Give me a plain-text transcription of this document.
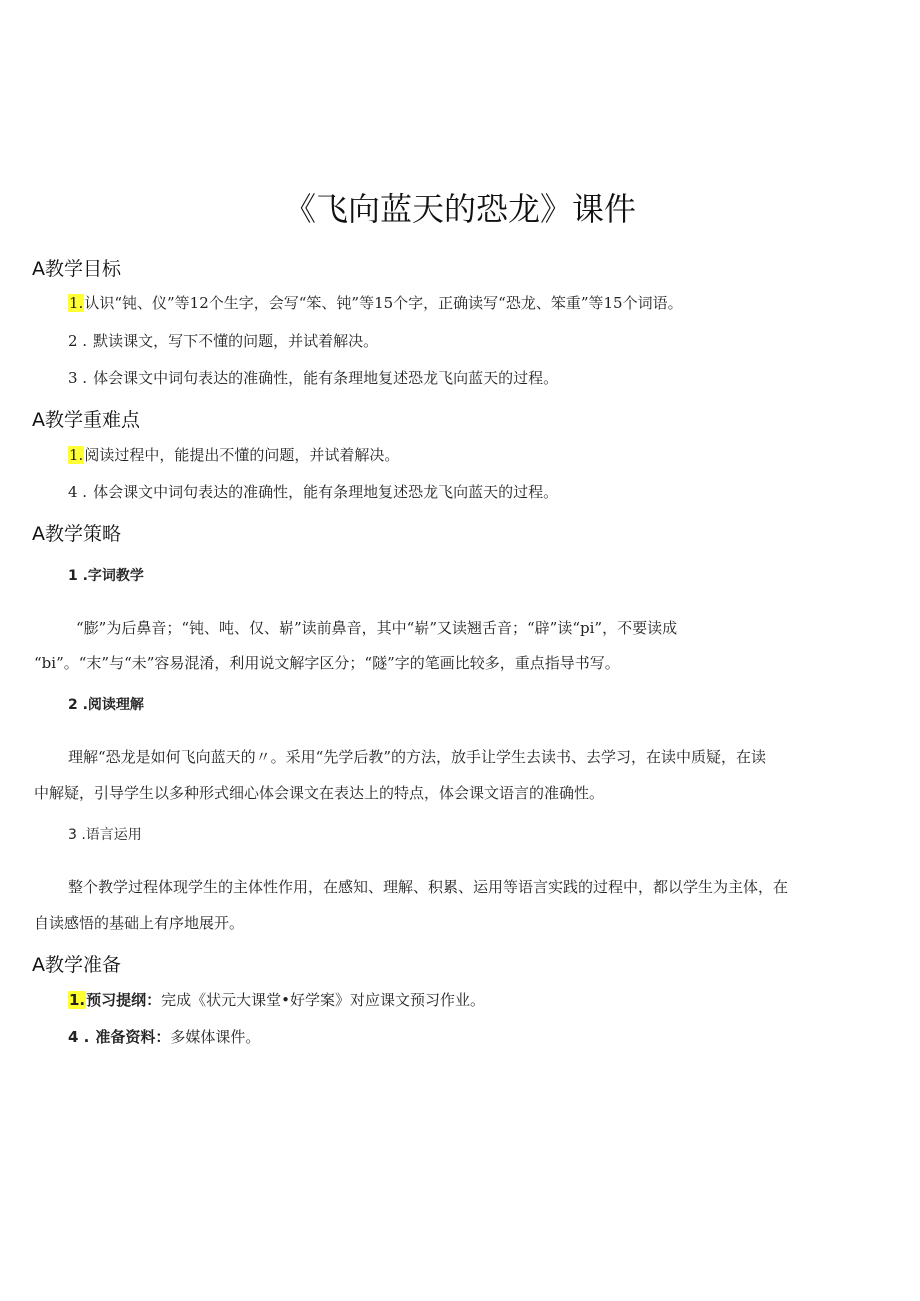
《飞向蓝天的恐龙》课件
A教学目标
1.认识“钝、仪”等12个生字，会写“笨、钝”等15个字，正确读写“恐龙、笨重”等15个词语。
2 . 默读课文，写下不懂的问题，并试着解决。
3 . 体会课文中词句表达的准确性，能有条理地复述恐龙飞向蓝天的过程。
A教学重难点
1.阅读过程中，能提出不懂的问题，并试着解决。
4 . 体会课文中词句表达的准确性，能有条理地复述恐龙飞向蓝天的过程。
A教学策略
1 .字词教学
“膨”为后鼻音；“钝、吨、仅、崭”读前鼻音，其中“崭”又读翘舌音；“辟”读“pi”，不要读成
“bi”。“末”与“未”容易混淆，利用说文解字区分；“隧”字的笔画比较多，重点指导书写。
2 .阅读理解
理解“恐龙是如何飞向蓝天的〃。采用“先学后教”的方法，放手让学生去读书、去学习，在读中质疑，在读
中解疑，引导学生以多种形式细心体会课文在表达上的特点，体会课文语言的准确性。
3 .语言运用
整个教学过程体现学生的主体性作用，在感知、理解、积累、运用等语言实践的过程中，都以学生为主体，在
自读感悟的基础上有序地展开。
A教学准备
1.预习提纲：完成《状元大课堂•好学案》对应课文预习作业。
4 . 准备资料：多媒体课件。
